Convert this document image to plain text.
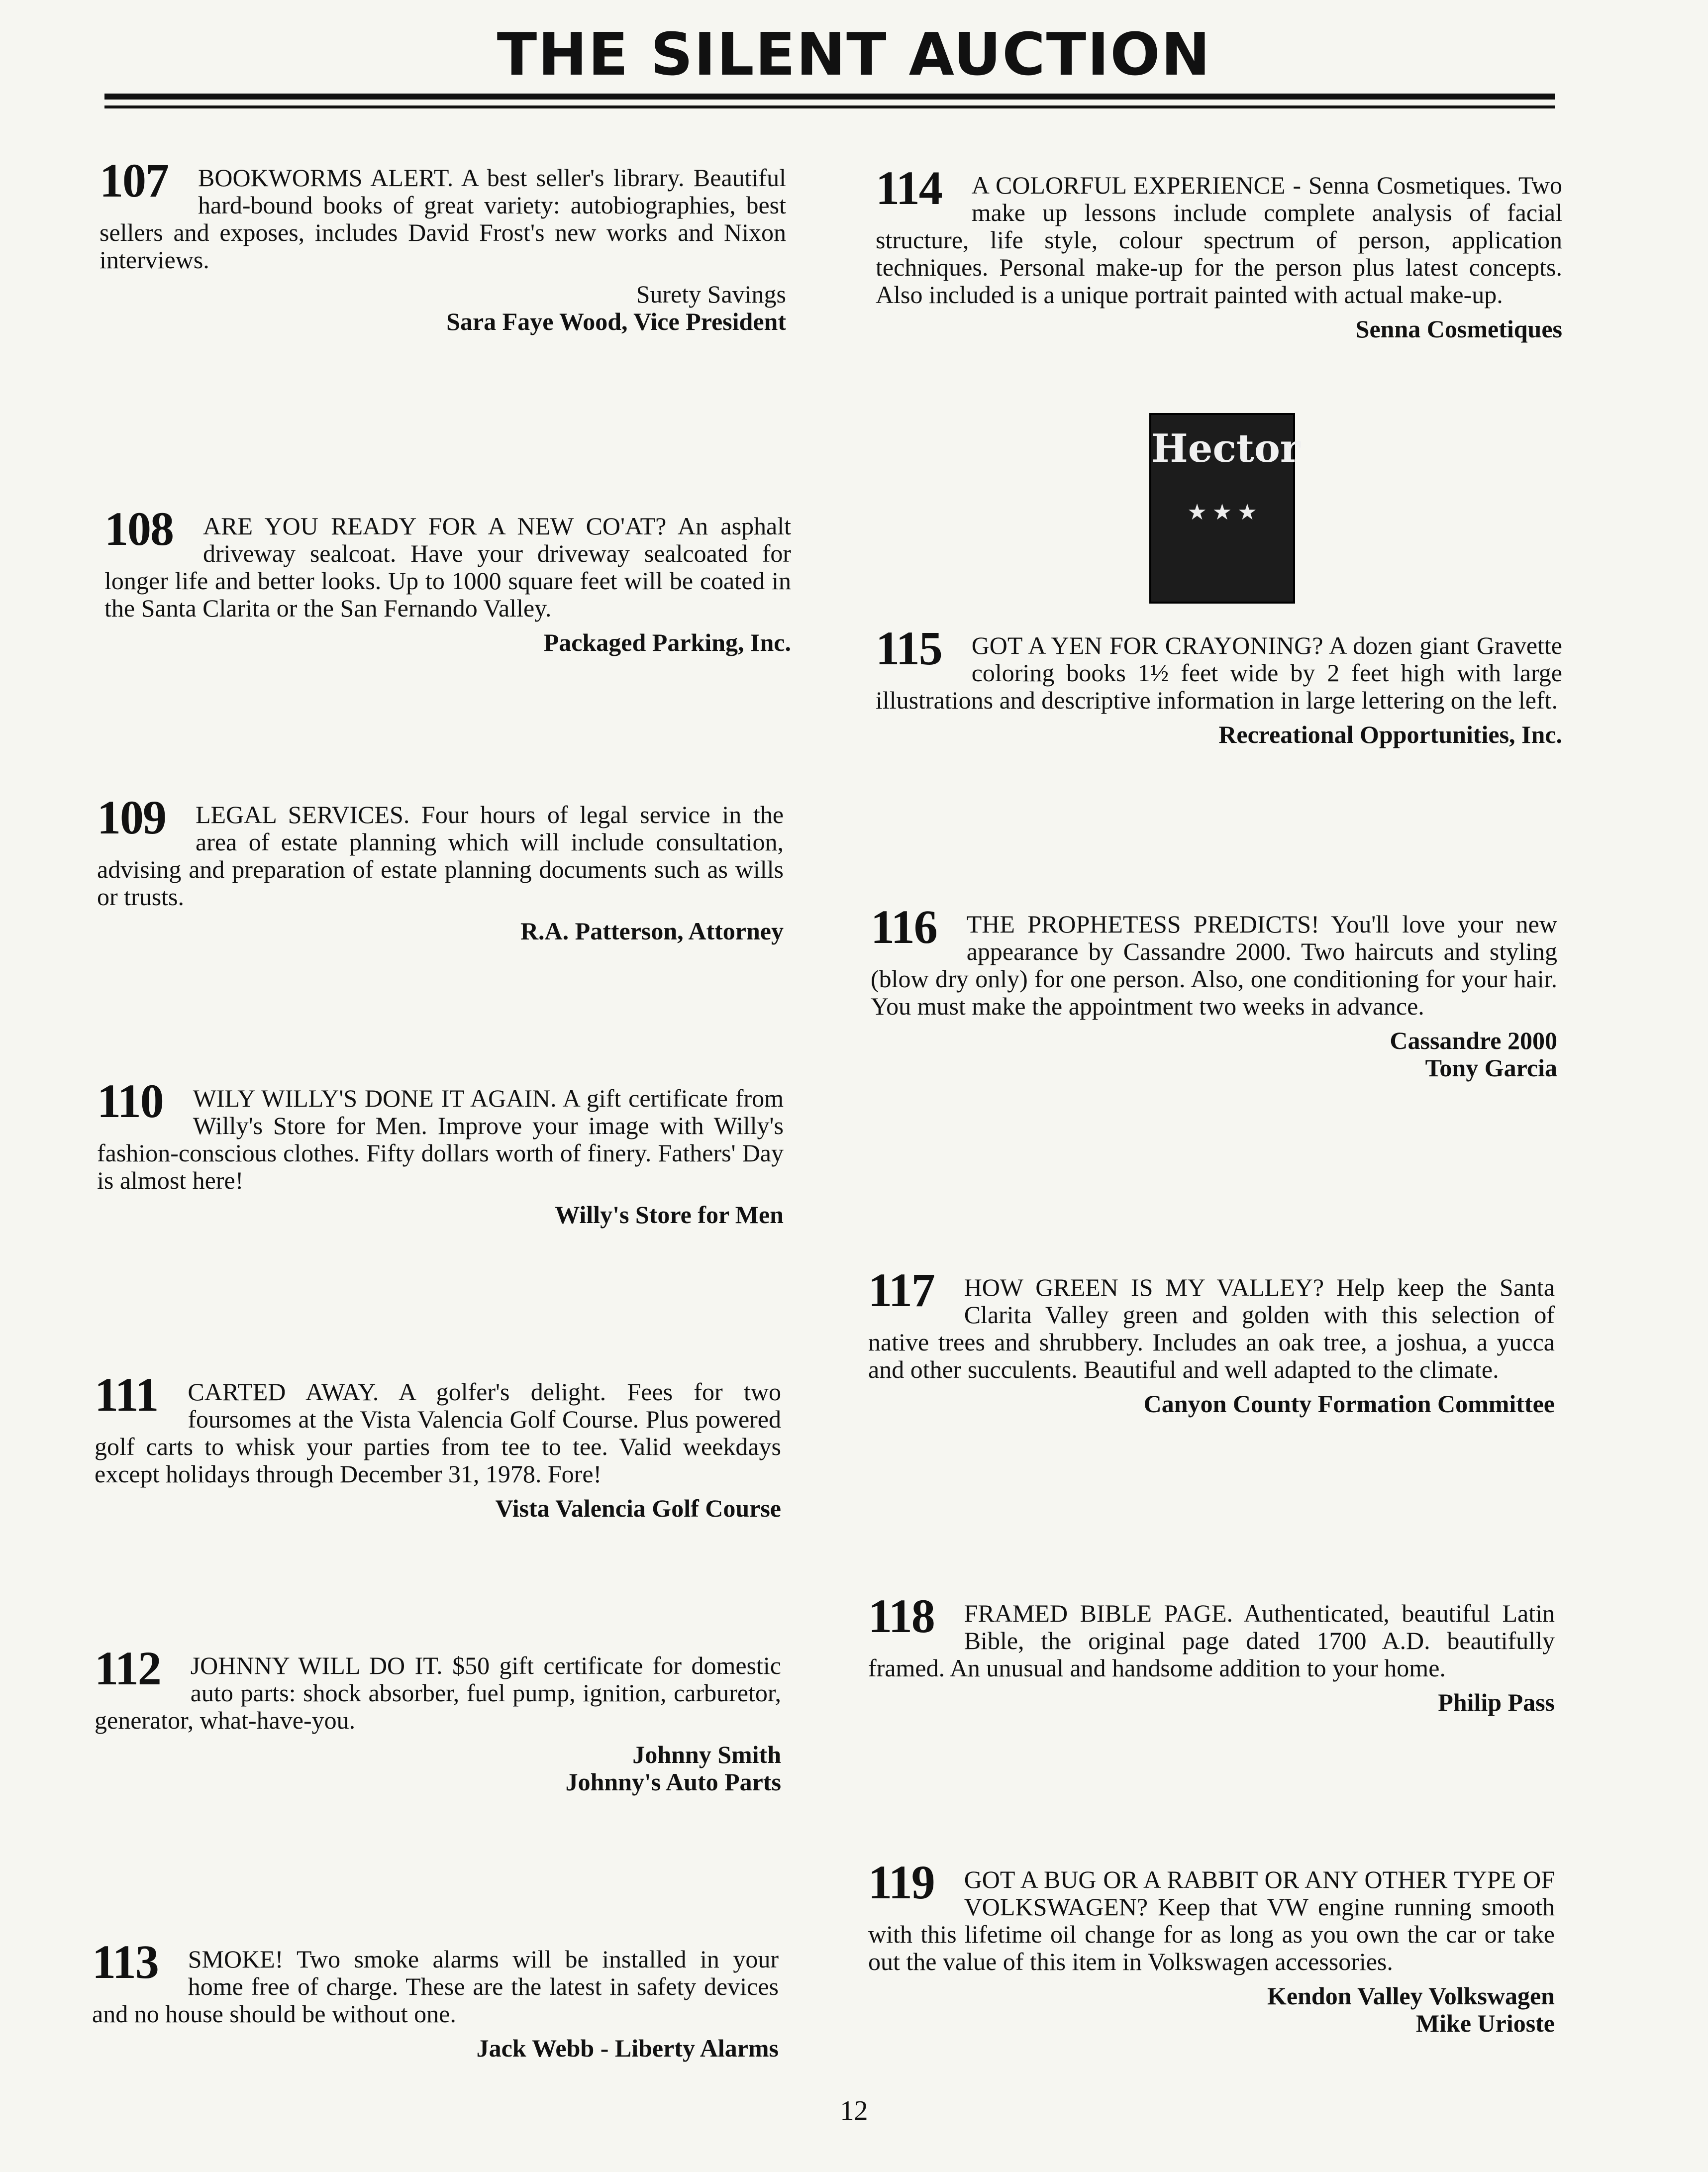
THE SILENT AUCTION
107	BOOKWORMS ALERT. A best seller's library. Beautiful hard-bound books of great variety: autobiographies, best sellers and exposes, includes David Frost's new works and Nixon interviews.
Surety Savings
Sara Faye Wood, Vice President
108	ARE YOU READY FOR A NEW CO'AT? An asphalt driveway sealcoat. Have your driveway sealcoated for longer life and better looks. Up to 1000 square feet will be coated in the Santa Clarita or the San Fernando Valley.
Packaged Parking, Inc.
109	LEGAL SERVICES. Four hours of legal service in the area of estate planning which will include consultation, advising and preparation of estate planning documents such as wills or trusts.
R.A. Patterson, Attorney
110	WILY WILLY'S DONE IT AGAIN. A gift certificate from Willy's Store for Men. Improve your image with Willy's fashion-conscious clothes. Fifty dollars worth of finery. Fathers' Day is almost here!
Willy's Store for Men
111	CARTED AWAY. A golfer's delight. Fees for two foursomes at the Vista Valencia Golf Course. Plus powered golf carts to whisk your parties from tee to tee. Valid weekdays except holidays through December 31, 1978. Fore!
Vista Valencia Golf Course
112	JOHNNY WILL DO IT. $50 gift certificate for domestic auto parts: shock absorber, fuel pump, ignition, carburetor, generator, what-have-you.
Johnny Smith
Johnny's Auto Parts
113	SMOKE! Two smoke alarms will be installed in your home free of charge. These are the latest in safety devices and no house should be without one.
Jack Webb - Liberty Alarms
114	A COLORFUL EXPERIENCE - Senna Cosmetiques. Two make up lessons include complete analysis of facial structure, life style, colour spectrum of person, application techniques. Personal make-up for the person plus latest concepts. Also included is a unique portrait painted with actual make-up.
Senna Cosmetiques
Hector
★ ★ ★
115	GOT A YEN FOR CRAYONING? A dozen giant Gravette coloring books 1½ feet wide by 2 feet high with large illustrations and descriptive information in large lettering on the left.
Recreational Opportunities, Inc.
116	THE PROPHETESS PREDICTS! You'll love your new appearance by Cassandre 2000. Two haircuts and styling (blow dry only) for one person. Also, one conditioning for your hair. You must make the appointment two weeks in advance.
Cassandre 2000
Tony Garcia
117	HOW GREEN IS MY VALLEY? Help keep the Santa Clarita Valley green and golden with this selection of native trees and shrubbery. Includes an oak tree, a joshua, a yucca and other succulents. Beautiful and well adapted to the climate.
Canyon County Formation Committee
118	FRAMED BIBLE PAGE. Authenticated, beautiful Latin Bible, the original page dated 1700 A.D. beautifully framed. An unusual and handsome addition to your home.
Philip Pass
119	GOT A BUG OR A RABBIT OR ANY OTHER TYPE OF VOLKSWAGEN? Keep that VW engine running smooth with this lifetime oil change for as long as you own the car or take out the value of this item in Volkswagen accessories.
Kendon Valley Volkswagen
Mike Urioste
12
